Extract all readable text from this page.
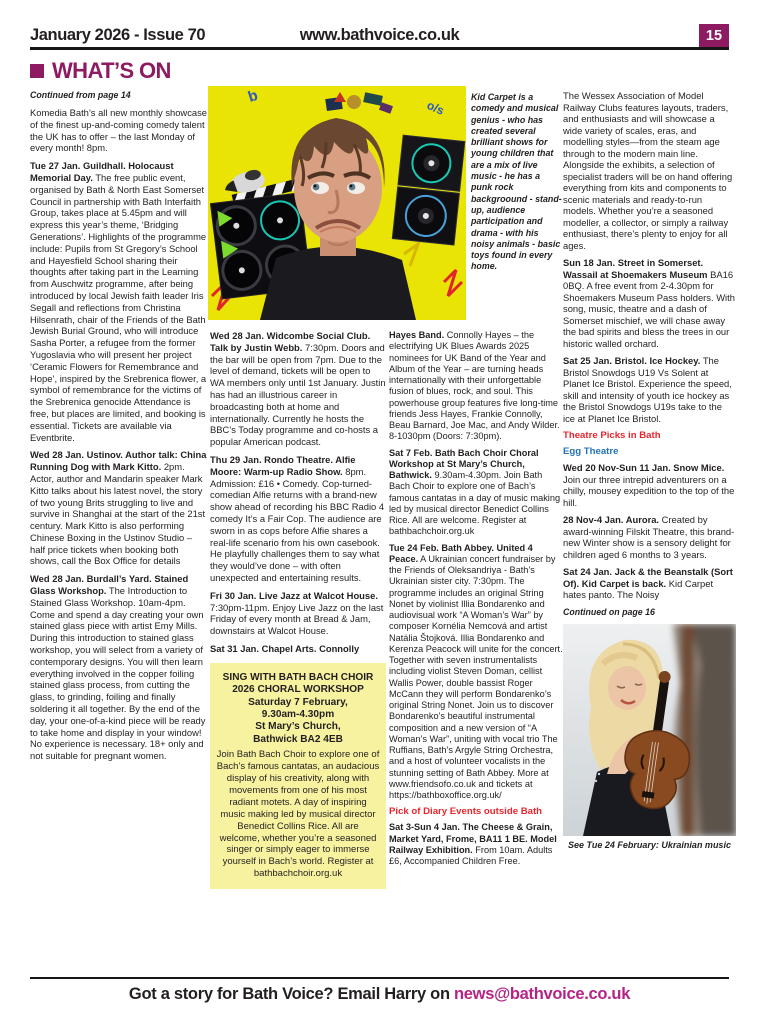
January 2026 - Issue 70	www.bathvoice.co.uk	15
WHAT’S ON

Continued from page 14

Komedia Bath’s all new monthly showcase of the finest up-and-coming comedy talent the UK has to offer – the last Monday of every month! 8pm.

Tue 27 Jan. Guildhall. Holocaust Memorial Day. The free public event, organised by Bath & North East Somerset Council in partnership with Bath Interfaith Group, takes place at 5.45pm and will express this year’s theme, ‘Bridging Generations’. Highlights of the programme include: Pupils from St Gregory’s School and Hayesfield School sharing their thoughts after taking part in the Learning from Auschwitz programme, after being introduced by local Jewish faith leader Iris Segall and reflections from Christina Hilsenrath, chair of the Friends of the Bath Jewish Burial Ground, who will introduce Sasha Porter, a refugee from the former Yugoslavia who will present her project ‘Ceramic Flowers for Remembrance and Hope’, inspired by the Srebrenica flower, a symbol of remembrance for the victims of the Srebrenica genocide Attendance is free, but places are limited, and booking is essential. Tickets are available via Eventbrite.

Wed 28 Jan. Ustinov. Author talk: China Running Dog with Mark Kitto. 2pm. Actor, author and Mandarin speaker Mark Kitto talks about his latest novel, the story of two young Brits struggling to live and survive in Shanghai at the start of the 21st century. Mark Kitto is also performing Chinese Boxing in the Ustinov Studio – half price tickets when booking both shows, call the Box Office for details

Wed 28 Jan. Burdall’s Yard. Stained Glass Workshop. The Introduction to Stained Glass Workshop. 10am-4pm. Come and spend a day creating your own stained glass piece with artist Emy Mills. During this introduction to stained glass workshop, you will select from a variety of contemporary designs. You will then learn everything involved in the copper foiling stained glass process, from cutting the glass, to grinding, foiling and finally soldering it all together. By the end of the day, your one-of-a-kind piece will be ready to take home and display in your window! No experience is necessary. 18+ only and not suitable for pregnant women.

b
o/s
Kid Carpet is a comedy and musical genius - who has created several brilliant shows for young children that are a mix of live music - he has a punk rock backgroound - stand-up, audience participation and drama - with his noisy animals - basic toys found in every home.

Wed 28 Jan. Widcombe Social Club. Talk by Justin Webb. 7:30pm. Doors and the bar will be open from 7pm. Due to the level of demand, tickets will be open to WA members only until 1st January. Justin has had an illustrious career in broadcasting both at home and internationally. Currently he hosts the BBC’s Today programme and co-hosts a popular American podcast.

Thu 29 Jan. Rondo Theatre. Alfie Moore: Warm-up Radio Show. 8pm. Admission: £16 • Comedy. Cop-turned-comedian Alfie returns with a brand-new show ahead of recording his BBC Radio 4 comedy It’s a Fair Cop. The audience are sworn in as cops before Alfie shares a real-life scenario from his own casebook. He playfully challenges them to say what they would’ve done – with often unexpected and entertaining results.

Fri 30 Jan. Live Jazz at Walcot House. 7:30pm-11pm. Enjoy Live Jazz on the last Friday of every month at Bread & Jam, downstairs at Walcot House.

Sat 31 Jan. Chapel Arts. Connolly

SING WITH BATH BACH CHOIR

2026 CHORAL WORKSHOP

Saturday 7 February,

9.30am-4.30pm

St Mary’s Church,

Bathwick BA2 4EB

Join Bath Bach Choir to explore one of Bach’s famous cantatas, an audacious display of his creativity, along with movements from one of his most radiant motets. A day of inspiring music making led by musical director Benedict Collins Rice. All are welcome, whether you’re a seasoned singer or simply eager to immerse yourself in Bach’s world. Register at bathbachchoir.org.uk

Hayes Band. Connolly Hayes – the electrifying UK Blues Awards 2025 nominees for UK Band of the Year and Album of the Year – are turning heads internationally with their unforgettable fusion of blues, rock, and soul. This powerhouse group features five long-time friends Jess Hayes, Frankie Connolly, Beau Barnard, Joe Mac, and Andy Wilder. 8-1030pm (Doors: 7:30pm).

Sat 7 Feb. Bath Bach Choir Choral Workshop at St Mary’s Church, Bathwick. 9.30am-4.30pm. Join Bath Bach Choir to explore one of Bach’s famous cantatas in a day of music making led by musical director Benedict Collins Rice. All are welcome. Register at bathbachchoir.org.uk

Tue 24 Feb. Bath Abbey. United 4 Peace. A Ukrainian concert fundraiser by the Friends of Oleksandriya - Bath’s Ukrainian sister city. 7:30pm. The programme includes an original String Nonet by violinist Illia Bondarenko and audiovisual work “A Woman’s War” by composer Kornélia Nemcová and artist Natália Štojková. Illia Bondarenko and Kerenza Peacock will unite for the concert. Together with seven instrumentalists including violist Steven Doman, cellist Wallis Power, double bassist Roger McCann they will perform Bondarenko’s original String Nonet. Join us to discover Bondarenko’s beautiful instrumental composition and a new version of “A Woman’s War”, uniting with vocal trio The Ruffians, Bath’s Argyle String Orchestra, and a host of volunteer vocalists in the stunning setting of Bath Abbey. More at www.friendsofo.co.uk and tickets at https://bathboxoffice.org.uk/

Pick of Diary Events outside Bath

Sat 3-Sun 4 Jan. The Cheese & Grain, Market Yard, Frome, BA11 1 BE. Model Railway Exhibition. From 10am. Adults £6, Accompanied Children Free.

The Wessex Association of Model Railway Clubs features layouts, traders, and enthusiasts and will showcase a wide variety of scales, eras, and modelling styles—from the steam age through to the modern main line. Alongside the exhibits, a selection of specialist traders will be on hand offering everything from kits and components to scenic materials and ready-to-run models. Whether you’re a seasoned modeller, a collector, or simply a railway enthusiast, there’s plenty to enjoy for all ages.

Sun 18 Jan. Street in Somerset. Wassail at Shoemakers Museum BA16 0BQ. A free event from 2-4.30pm for Shoemakers Museum Pass holders. With song, music, theatre and a dash of Somerset mischief, we will chase away the bad spirits and bless the trees in our historic walled orchard.

Sat 25 Jan. Bristol. Ice Hockey. The Bristol Snowdogs U19 Vs Solent at Planet Ice Bristol. Experience the speed, skill and intensity of youth ice hockey as the Bristol Snowdogs U19s take to the ice at Planet Ice Bristol.

Theatre Picks in Bath

Egg Theatre

Wed 20 Nov-Sun 11 Jan. Snow Mice. Join our three intrepid adventurers on a chilly, mousey expedition to the top of the hill.

28 Nov-4 Jan. Aurora. Created by award-winning Filskit Theatre, this brand-new Winter show is a sensory delight for children aged 6 months to 3 years.

Sat 24 Jan. Jack & the Beanstalk (Sort Of). Kid Carpet is back. Kid Carpet hates panto. The Noisy

Continued on page 16

See Tue 24 February: Ukrainian music

Got a story for Bath Voice? Email Harry on news@bathvoice.co.uk
